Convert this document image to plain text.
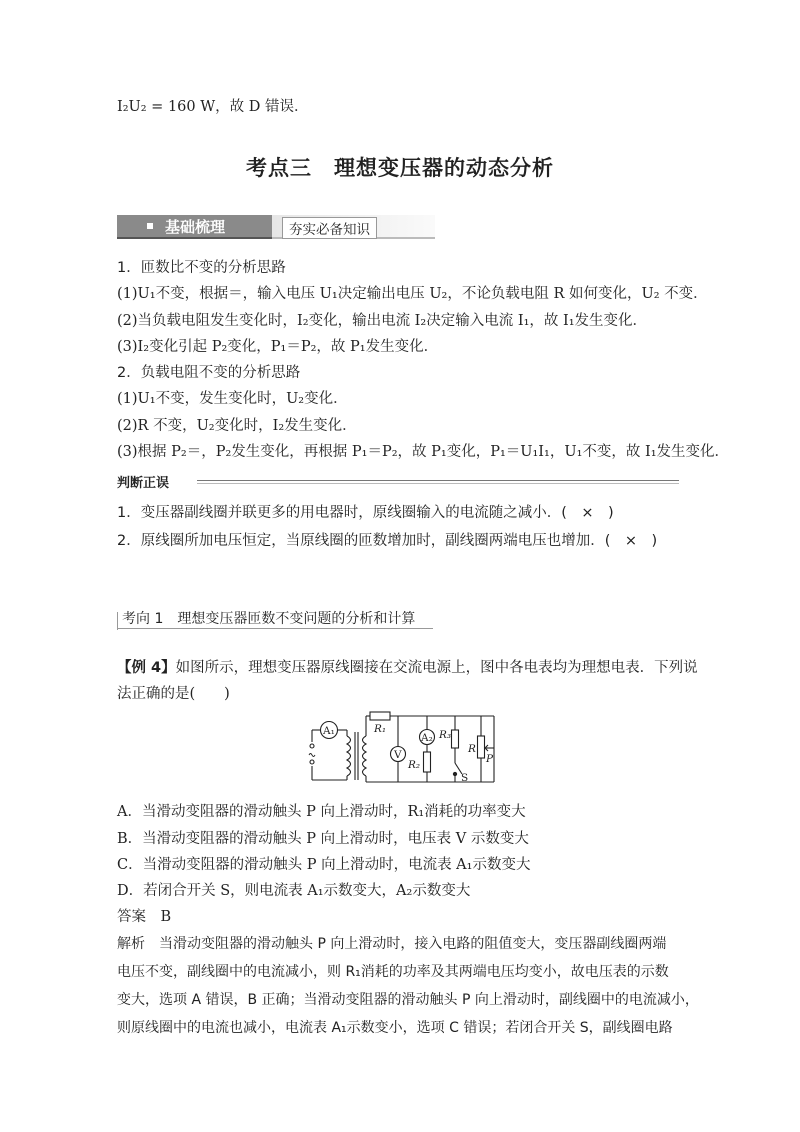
I₂U₂ = 160 W，故 D 错误．
考点三　理想变压器的动态分析
基础梳理	夯实必备知识
1．匝数比不变的分析思路
(1)U₁不变，根据＝，输入电压 U₁决定输出电压 U₂，不论负载电阻 R 如何变化，U₂ 不变．
(2)当负载电阻发生变化时，I₂变化，输出电流 I₂决定输入电流 I₁，故 I₁发生变化．
(3)I₂变化引起 P₂变化，P₁＝P₂，故 P₁发生变化．
2．负载电阻不变的分析思路
(1)U₁不变，发生变化时，U₂变化．
(2)R 不变，U₂变化时，I₂发生变化．
(3)根据 P₂＝，P₂发生变化，再根据 P₁＝P₂，故 P₁变化，P₁＝U₁I₁，U₁不变，故 I₁发生变化．
判断正误
1．变压器副线圈并联更多的用电器时，原线圈输入的电流随之减小．(　×　)
2．原线圈所加电压恒定，当原线圈的匝数增加时，副线圈两端电压也增加．(　×　)
考向 1　理想变压器匝数不变问题的分析和计算
【例 4】如图所示，理想变压器原线圈接在交流电源上，图中各电表均为理想电表．下列说
法正确的是(　　)
A₁
V
A₂
R₁
R₂
R₃
R
P
S
A．当滑动变阻器的滑动触头 P 向上滑动时，R₁消耗的功率变大
B．当滑动变阻器的滑动触头 P 向上滑动时，电压表 V 示数变大
C．当滑动变阻器的滑动触头 P 向上滑动时，电流表 A₁示数变大
D．若闭合开关 S，则电流表 A₁示数变大，A₂示数变大
答案　B
解析　当滑动变阻器的滑动触头 P 向上滑动时，接入电路的阻值变大，变压器副线圈两端
电压不变，副线圈中的电流减小，则 R₁消耗的功率及其两端电压均变小，故电压表的示数
变大，选项 A 错误，B 正确；当滑动变阻器的滑动触头 P 向上滑动时，副线圈中的电流减小，
则原线圈中的电流也减小，电流表 A₁示数变小，选项 C 错误；若闭合开关 S，副线圈电路
